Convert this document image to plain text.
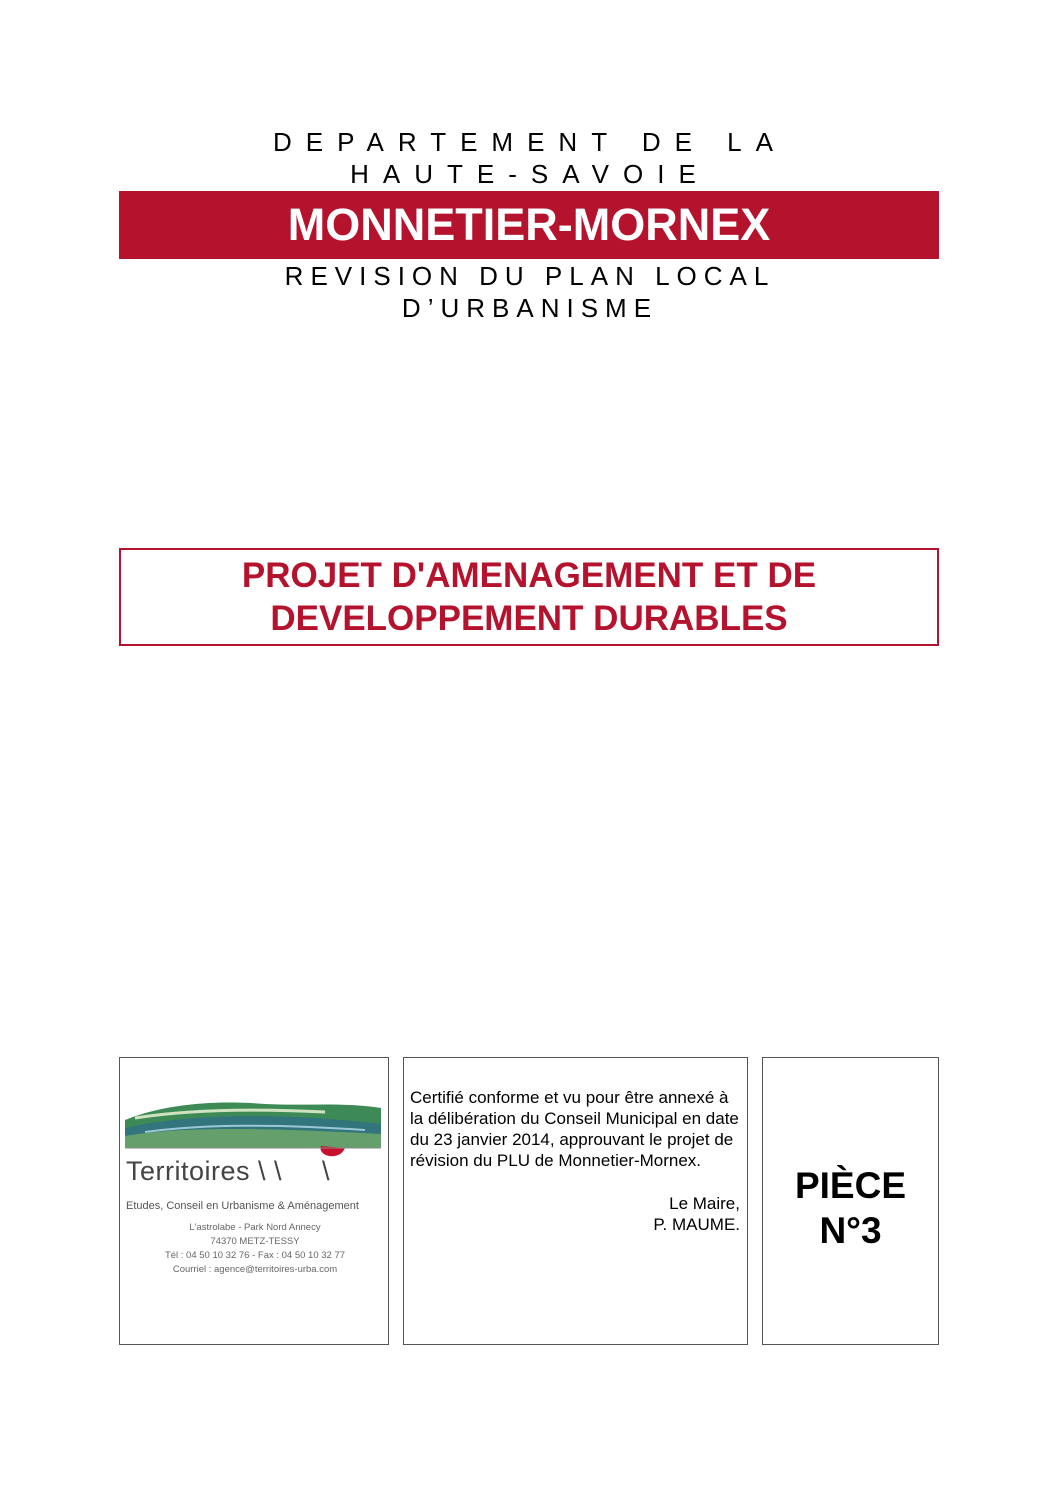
DEPARTEMENT DE LA
HAUTE-SAVOIE
MONNETIER-MORNEX
REVISION DU PLAN LOCAL
D’URBANISME
PROJET D'AMENAGEMENT ET DE
DEVELOPPEMENT DURABLES
Territoires \ \     \
Etudes, Conseil en Urbanisme & Aménagement
L'astrolabe - Park Nord Annecy
74370 METZ-TESSY
Tél : 04 50 10 32 76 - Fax : 04 50 10 32 77
Courriel : agence@territoires-urba.com

Certifié conforme et vu pour être annexé à la délibération du Conseil Municipal en date du 23 janvier 2014, approuvant le projet de révision du PLU de Monnetier-Mornex.

Le Maire,
P. MAUME.
PIÈCE
N°3
